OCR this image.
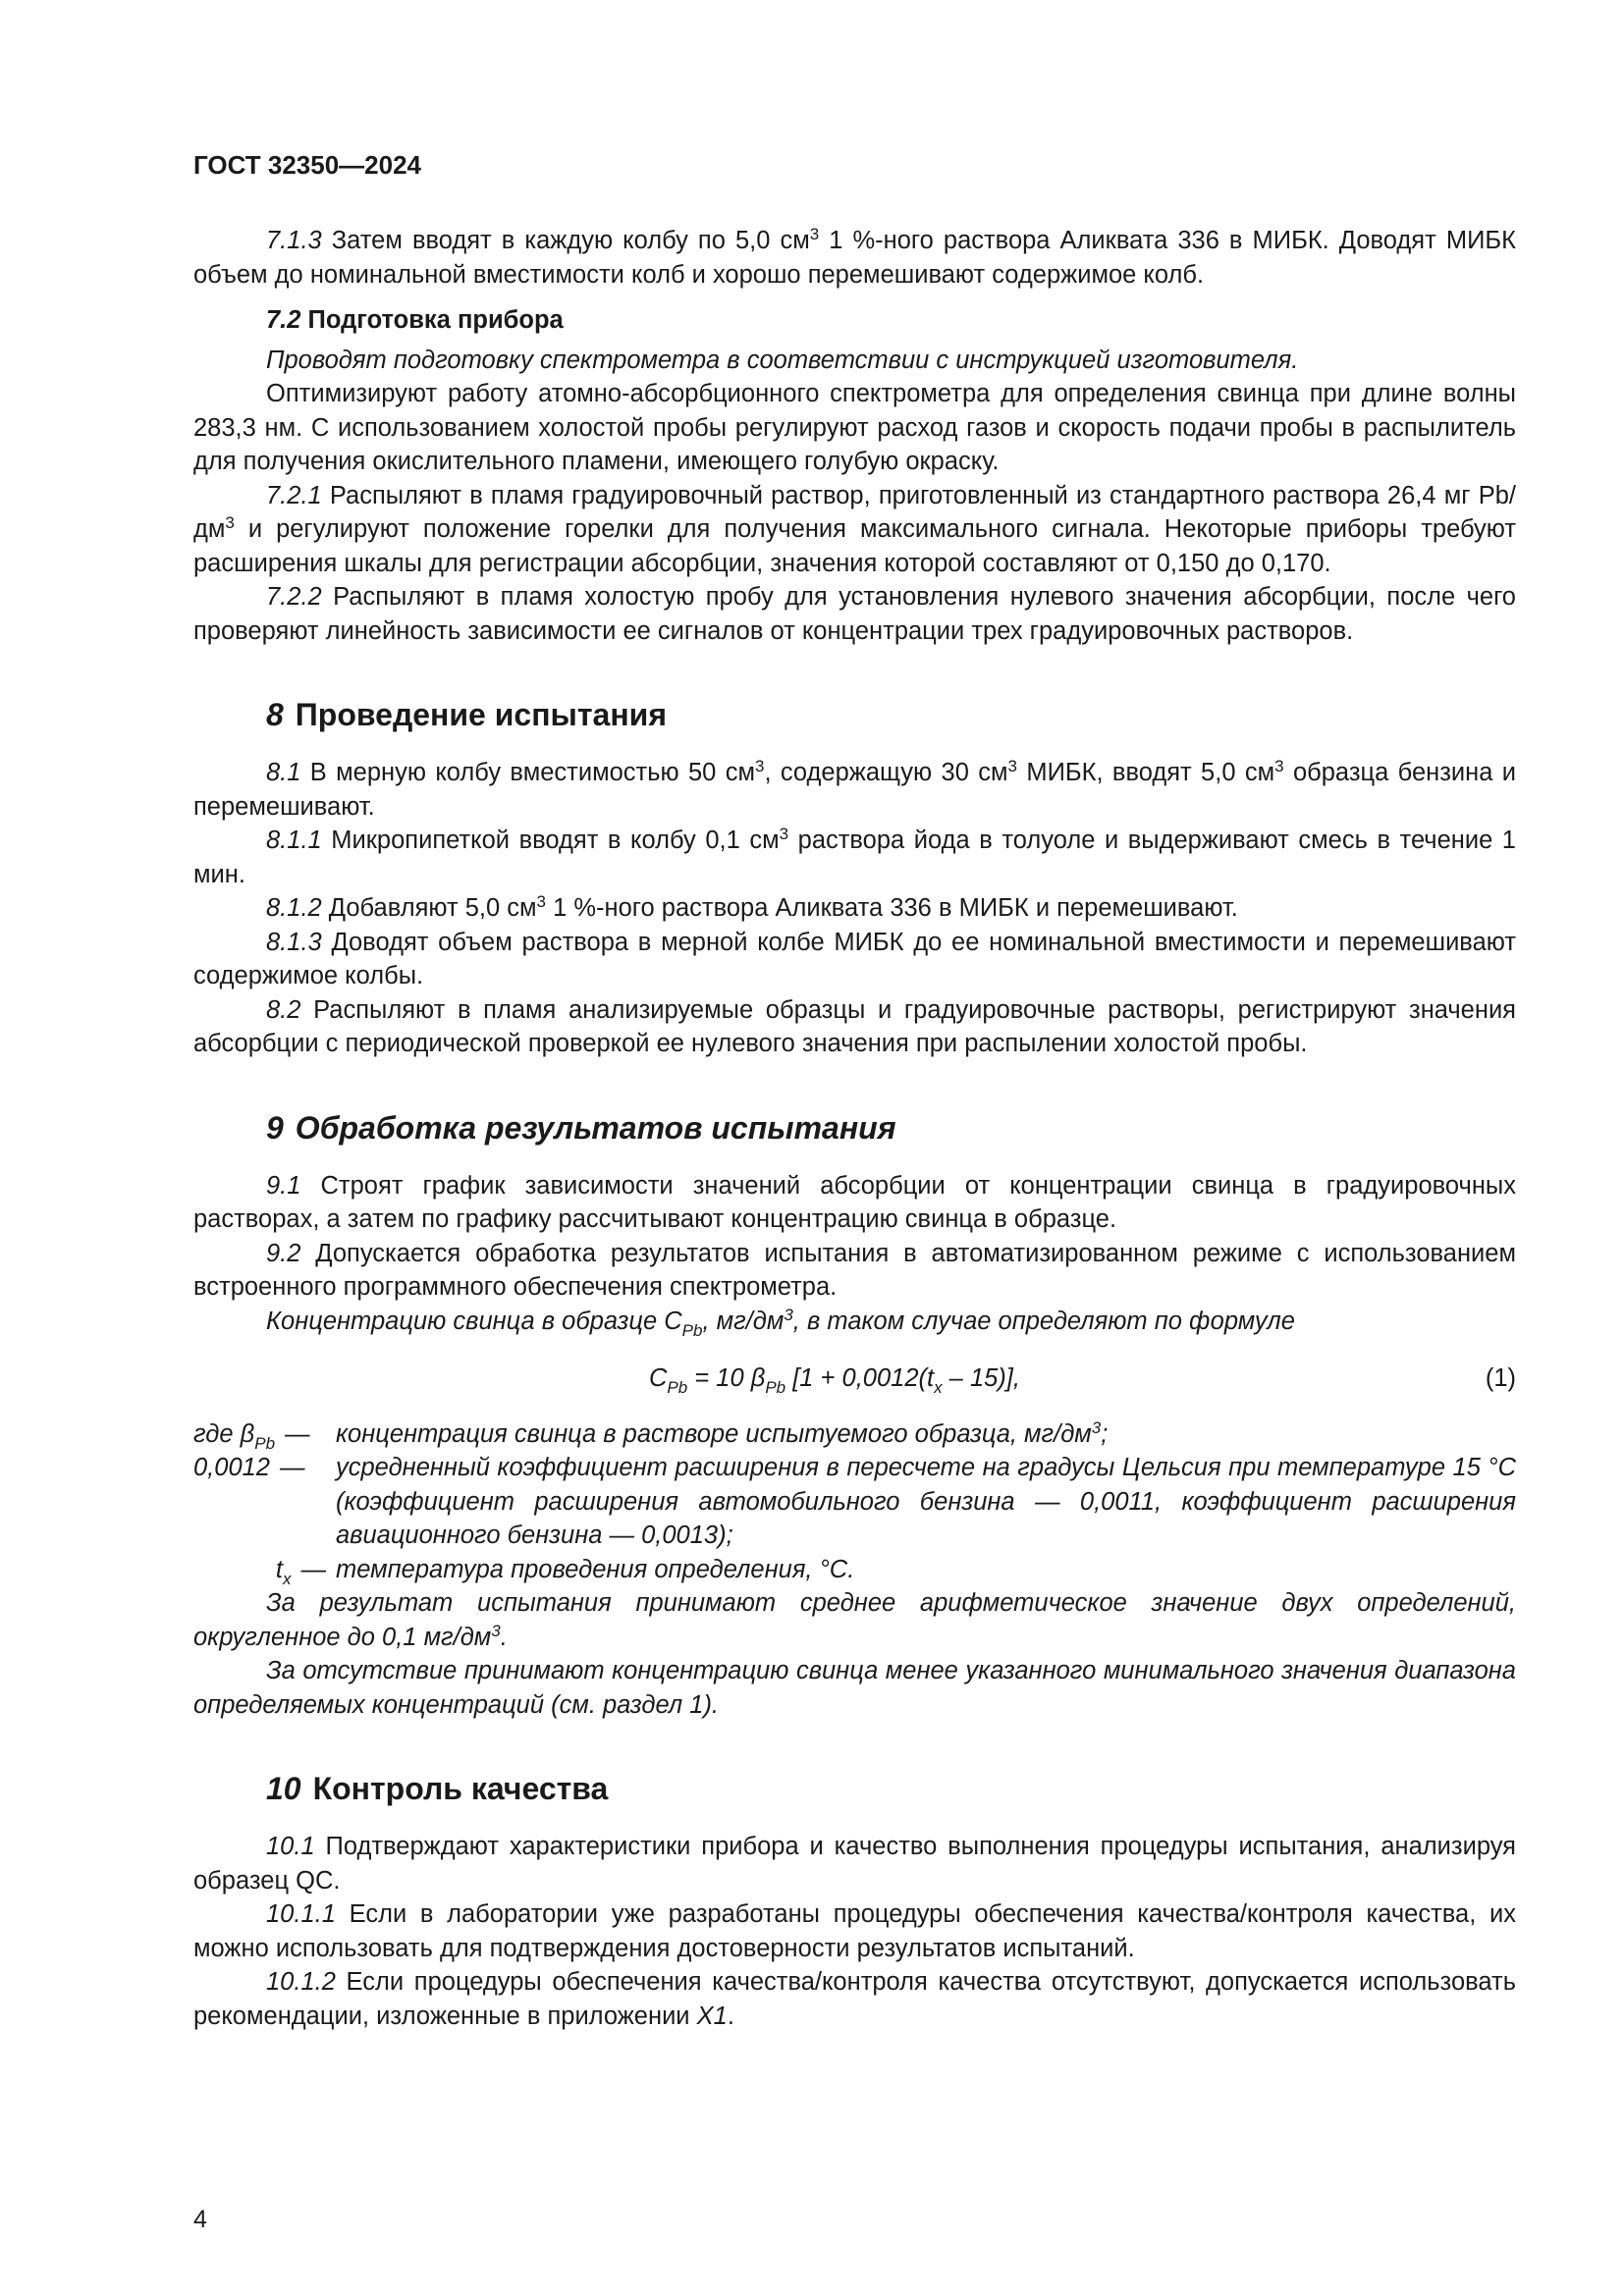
ГОСТ 32350—2024

7.1.3 Затем вводят в каждую колбу по 5,0 $см^3$ 1 %-ного раствора Аликвата 336 в МИБК. Доводят МИБК объем до номинальной вместимости колб и хорошо перемешивают содержимое колб.

7.2 Подготовка прибора

Проводят подготовку спектрометра в соответствии с инструкцией изготовителя.

Оптимизируют работу атомно-абсорбционного спектрометра для определения свинца при длине волны 283,3 нм. С использованием холостой пробы регулируют расход газов и скорость подачи пробы в распылитель для получения окислительного пламени, имеющего голубую окраску.

7.2.1 Распыляют в пламя градуировочный раствор, приготовленный из стандартного раствора 26,4 мг $Pb/дм^3$ и регулируют положение горелки для получения максимального сигнала. Некоторые приборы требуют расширения шкалы для регистрации абсорбции, значения которой составляют от 0,150 до 0,170.

7.2.2 Распыляют в пламя холостую пробу для установления нулевого значения абсорбции, после чего проверяют линейность зависимости ее сигналов от концентрации трех градуировочных растворов.

8 Проведение испытания

8.1 В мерную колбу вместимостью 50 $см^3$, содержащую 30 $см^3$ МИБК, вводят 5,0 $см^3$ образца бензина и перемешивают.

8.1.1 Микропипеткой вводят в колбу 0,1 $см^3$ раствора йода в толуоле и выдерживают смесь в течение 1 мин.

8.1.2 Добавляют 5,0 $см^3$ 1 %-ного раствора Аликвата 336 в МИБК и перемешивают.

8.1.3 Доводят объем раствора в мерной колбе МИБК до ее номинальной вместимости и перемешивают содержимое колбы.

8.2 Распыляют в пламя анализируемые образцы и градуировочные растворы, регистрируют значения абсорбции с периодической проверкой ее нулевого значения при распылении холостой пробы.

9 Обработка результатов испытания

9.1 Строят график зависимости значений абсорбции от концентрации свинца в градуировочных растворах, а затем по графику рассчитывают концентрацию свинца в образце.

9.2 Допускается обработка результатов испытания в автоматизированном режиме с использованием встроенного программного обеспечения спектрометра.

Концентрацию свинца в образце $C_{Pb}$, $мг/дм^3$, в таком случае определяют по формуле

$C_{Pb} = 10$ $\beta_{Pb}$ $[1 + 0,0012(t_x - 15)]$,	(1)
где $\beta_{Pb}$ —	концентрация свинца в растворе испытуемого образца, $мг/дм^3$;
0,0012 —	усредненный коэффициент расширения в пересчете на градусы Цельсия при температуре 15 °С (коэффициент расширения автомобильного бензина — 0,0011, коэффициент расширения авиационного бензина — 0,0013);
$t_x$ — температура проведения определения, °С.

За результат испытания принимают среднее арифметическое значение двух определений, округленное до 0,1 $мг/дм^3$.

За отсутствие принимают концентрацию свинца менее указанного минимального значения диапазона определяемых концентраций (см. раздел 1).

10 Контроль качества

10.1 Подтверждают характеристики прибора и качество выполнения процедуры испытания, анализируя образец QC.

10.1.1 Если в лаборатории уже разработаны процедуры обеспечения качества/контроля качества, их можно использовать для подтверждения достоверности результатов испытаний.

10.1.2 Если процедуры обеспечения качества/контроля качества отсутствуют, допускается использовать рекомендации, изложенные в приложении Х1.

4
